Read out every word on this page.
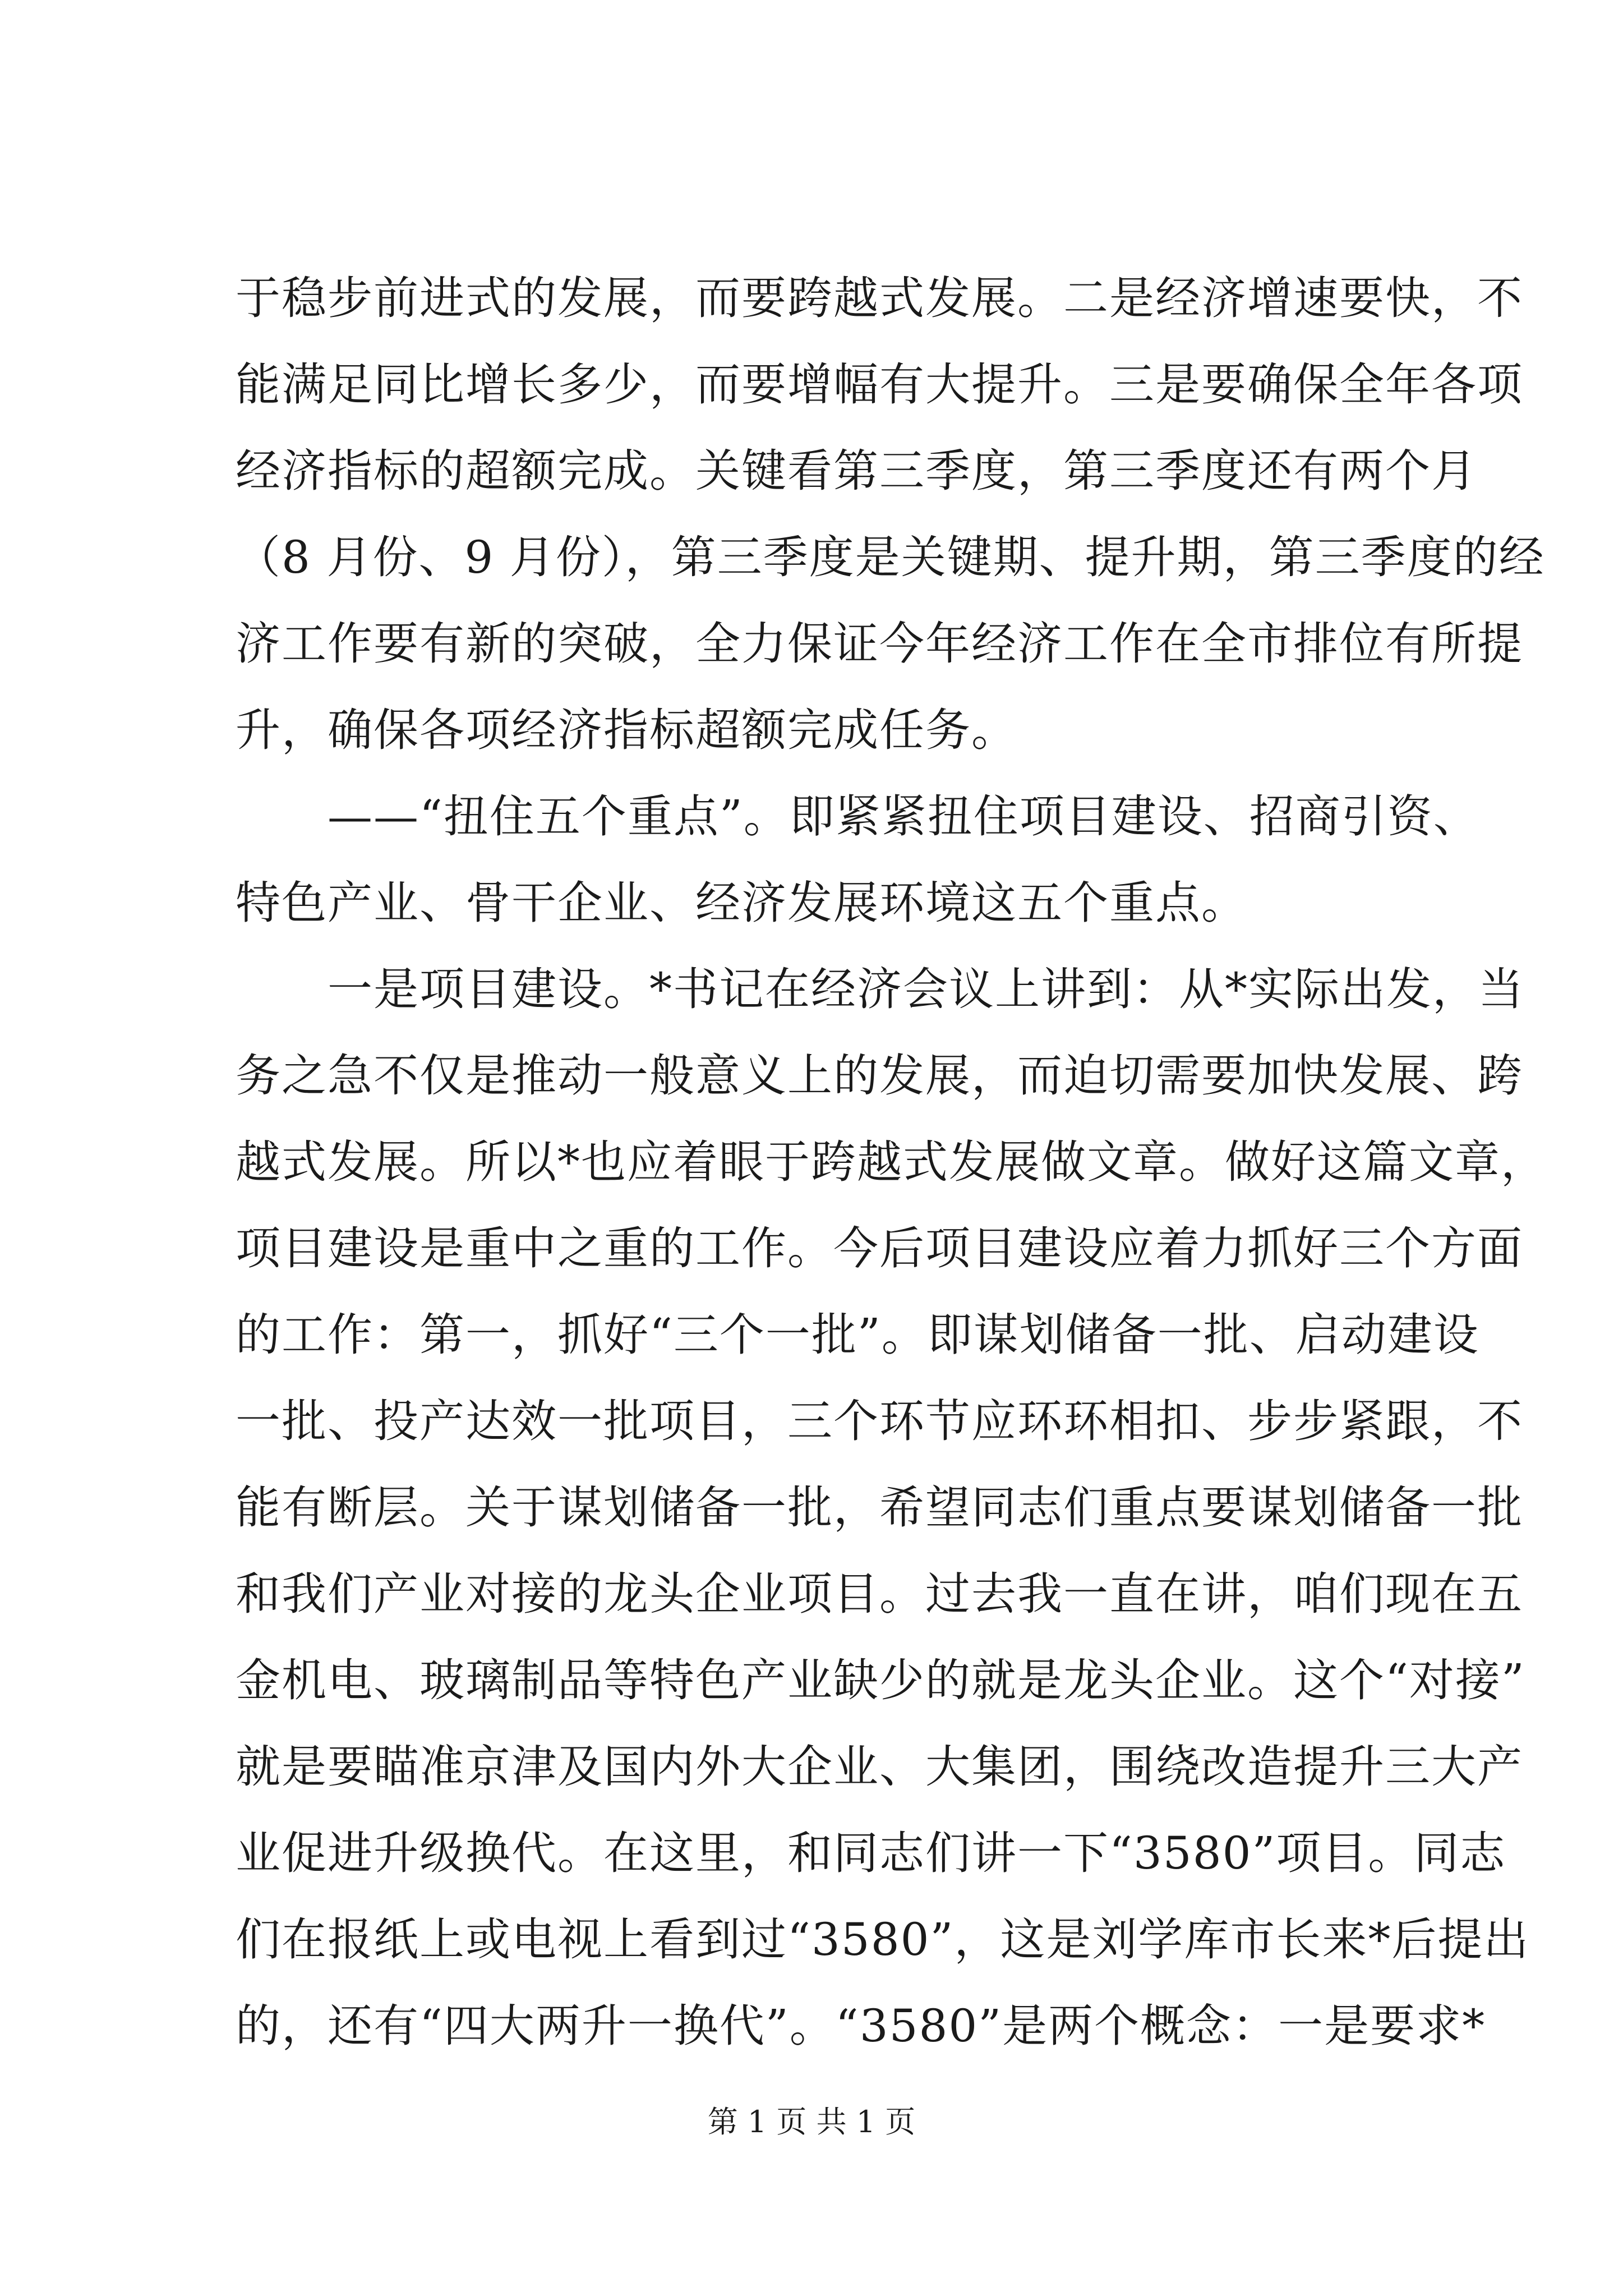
于稳步前进式的发展，而要跨越式发展。二是经济增速要快，不
能满足同比增长多少，而要增幅有大提升。三是要确保全年各项
经济指标的超额完成。关键看第三季度，第三季度还有两个月
（8 月份、9 月份），第三季度是关键期、提升期，第三季度的经
济工作要有新的突破，全力保证今年经济工作在全市排位有所提
升，确保各项经济指标超额完成任务。
　　——“扭住五个重点”。即紧紧扭住项目建设、招商引资、
特色产业、骨干企业、经济发展环境这五个重点。
　　一是项目建设。*书记在经济会议上讲到：从*实际出发，当
务之急不仅是推动一般意义上的发展，而迫切需要加快发展、跨
越式发展。所以*也应着眼于跨越式发展做文章。做好这篇文章，
项目建设是重中之重的工作。今后项目建设应着力抓好三个方面
的工作：第一，抓好“三个一批”。即谋划储备一批、启动建设
一批、投产达效一批项目，三个环节应环环相扣、步步紧跟，不
能有断层。关于谋划储备一批，希望同志们重点要谋划储备一批
和我们产业对接的龙头企业项目。过去我一直在讲，咱们现在五
金机电、玻璃制品等特色产业缺少的就是龙头企业。这个“对接”
就是要瞄准京津及国内外大企业、大集团，围绕改造提升三大产
业促进升级换代。在这里，和同志们讲一下“3580”项目。同志
们在报纸上或电视上看到过“3580”，这是刘学库市长来*后提出
的，还有“四大两升一换代”。“3580”是两个概念：一是要求*
第 1 页 共 1 页
